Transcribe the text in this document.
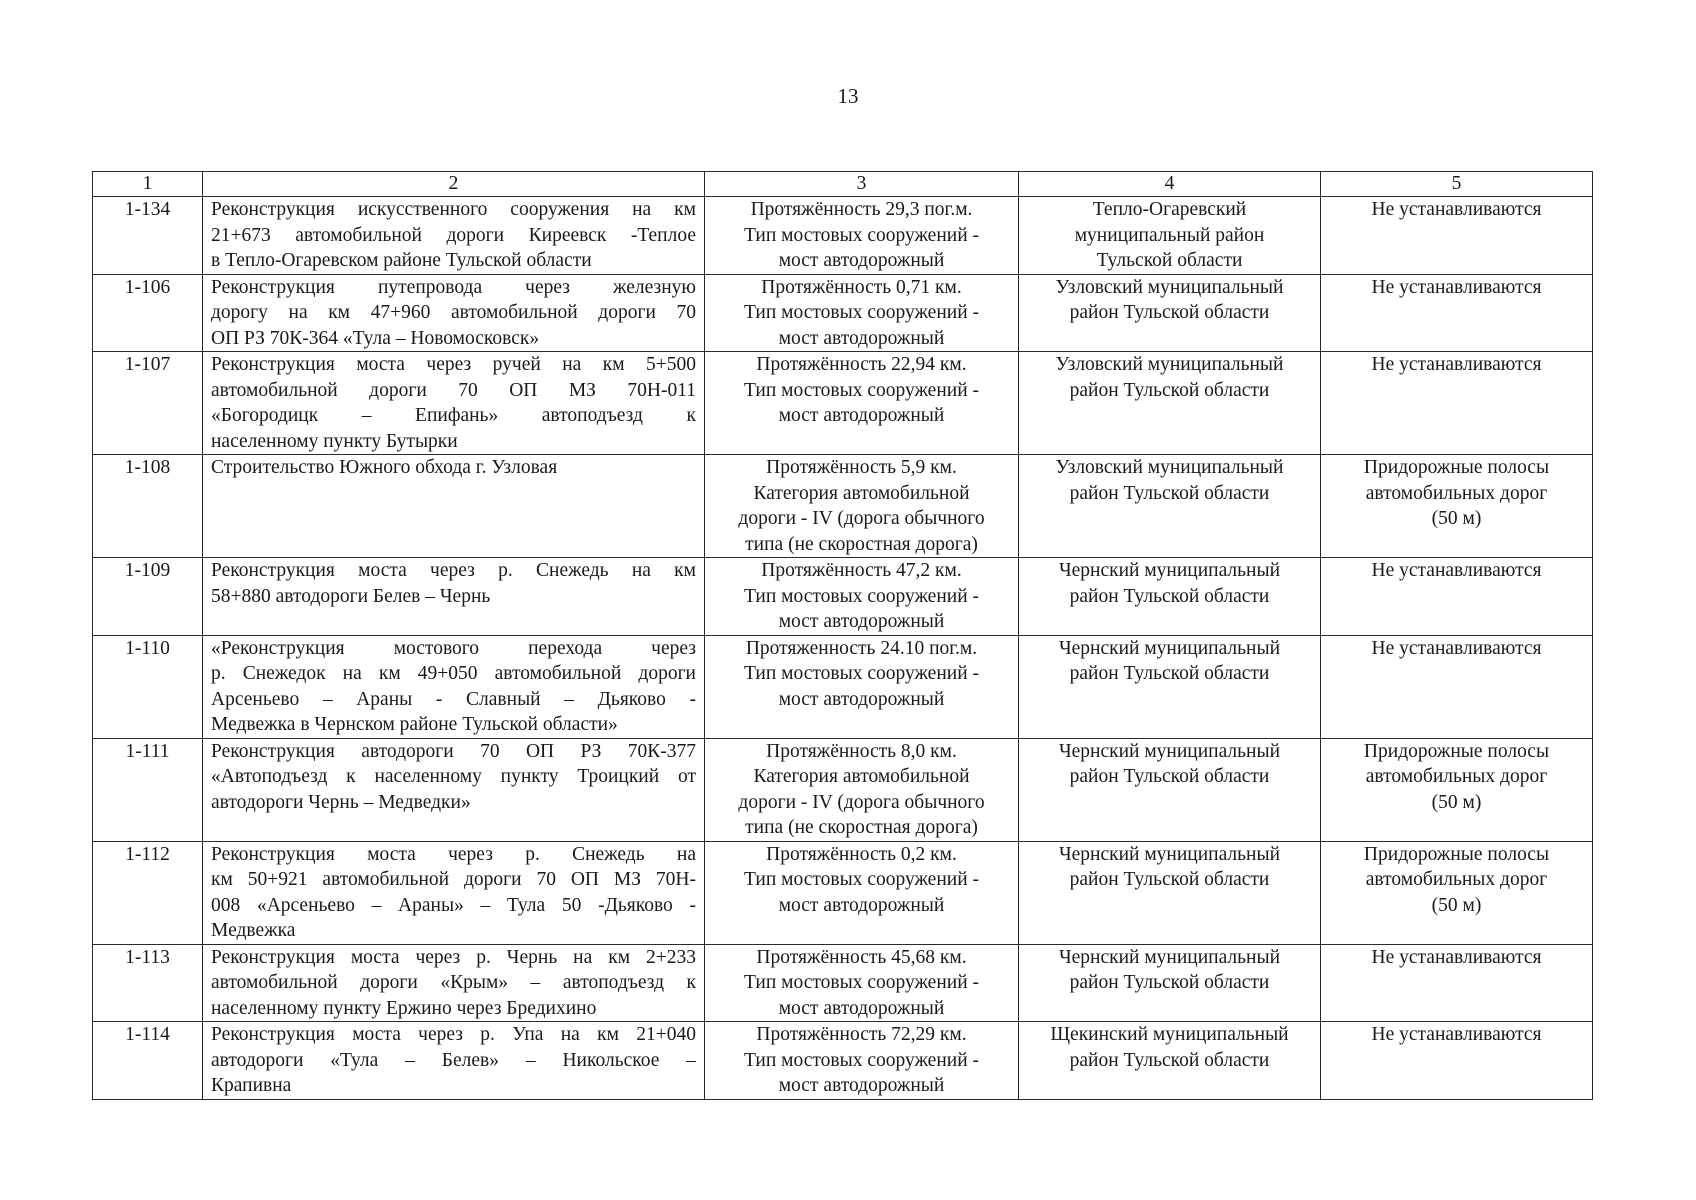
13
1	2	3	4	5
1-134	Реконструкция искусственного сооружения на км
21+673 автомобильной дороги Киреевск -Теплое
в Тепло-Огаревском районе Тульской области	Протяжённость 29,3 пог.м.
Тип мостовых сооружений -
мост автодорожный	Тепло-Огаревский
муниципальный район
Тульской области	Не устанавливаются

1-106	Реконструкция путепровода через железную
дорогу на км 47+960 автомобильной дороги 70
ОП РЗ 70К-364 «Тула – Новомосковск»	Протяжённость 0,71 км.
Тип мостовых сооружений -
мост автодорожный	Узловский муниципальный
район Тульской области	Не устанавливаются

1-107	Реконструкция моста через ручей на км 5+500
автомобильной дороги 70 ОП МЗ 70Н-011
«Богородицк – Епифань» автоподъезд к
населенному пункту Бутырки	Протяжённость 22,94 км.
Тип мостовых сооружений -
мост автодорожный	Узловский муниципальный
район Тульской области	Не устанавливаются

1-108	Строительство Южного обхода г. Узловая	Протяжённость 5,9 км.
Категория автомобильной
дороги - IV (дорога обычного
типа (не скоростная дорога)	Узловский муниципальный
район Тульской области	Придорожные полосы
автомобильных дорог
(50 м)

1-109	Реконструкция моста через р. Снежедь на км
58+880 автодороги Белев – Чернь	Протяжённость 47,2 км.
Тип мостовых сооружений -
мост автодорожный	Чернский муниципальный
район Тульской области	Не устанавливаются

1-110	«Реконструкция мостового перехода через
р. Снежедок на км 49+050 автомобильной дороги
Арсеньево – Араны - Славный – Дьяково -
Медвежка в Чернском районе Тульской области»	Протяженность 24.10 пог.м.
Тип мостовых сооружений -
мост автодорожный	Чернский муниципальный
район Тульской области	Не устанавливаются

1-111	Реконструкция автодороги 70 ОП РЗ 70К-377
«Автоподъезд к населенному пункту Троицкий от
автодороги Чернь – Медведки»	Протяжённость 8,0 км.
Категория автомобильной
дороги - IV (дорога обычного
типа (не скоростная дорога)	Чернский муниципальный
район Тульской области	Придорожные полосы
автомобильных дорог
(50 м)

1-112	Реконструкция моста через р. Снежедь на
км 50+921 автомобильной дороги 70 ОП МЗ 70Н-
008 «Арсеньево – Араны» – Тула 50 -Дьяково -
Медвежка	Протяжённость 0,2 км.
Тип мостовых сооружений -
мост автодорожный	Чернский муниципальный
район Тульской области	Придорожные полосы
автомобильных дорог
(50 м)

1-113	Реконструкция моста через р. Чернь на км 2+233
автомобильной дороги «Крым» – автоподъезд к
населенному пункту Ержино через Бредихино	Протяжённость 45,68 км.
Тип мостовых сооружений -
мост автодорожный	Чернский муниципальный
район Тульской области	Не устанавливаются

1-114	Реконструкция моста через р. Упа на км 21+040
автодороги «Тула – Белев» – Никольское –
Крапивна	Протяжённость 72,29 км.
Тип мостовых сооружений -
мост автодорожный	Щекинский муниципальный
район Тульской области	Не устанавливаются
